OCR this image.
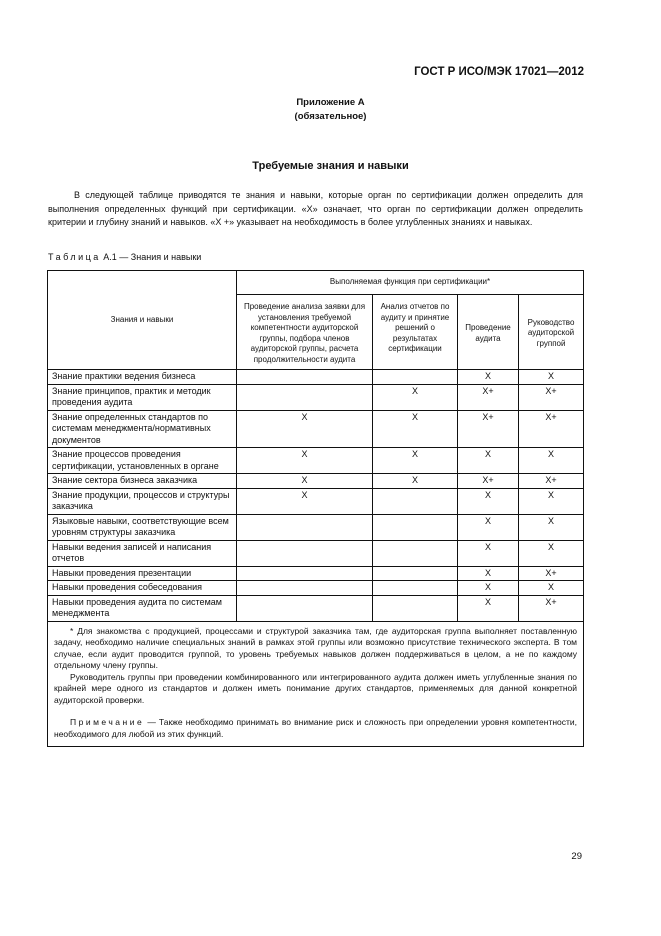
ГОСТ Р ИСО/МЭК 17021—2012
Приложение А
(обязательное)
Требуемые знания и навыки

В следующей таблице приводятся те знания и навыки, которые орган по сертификации должен определить для выполнения определенных функций при сертификации. «X» означает, что орган по сертификации должен определить критерии и глубину знаний и навыков. «X +» указывает на необходимость в более углубленных знаниях и навыках.

Таблица А.1 — Знания и навыки
Знания и навыки	Выполняемая функция при сертификации*			
	Проведение анализа заявки для установления требуемой компетентности аудиторской группы, подбора членов аудиторской группы, расчета продолжительности аудита	Анализ отчетов по аудиту и принятие решений о результатах сертификации	Проведение аудита	Руководство аудиторской группой
Знание практики ведения бизнеса			X	X
Знание принципов, практик и методик проведения аудита		X	X+	X+
Знание определенных стандартов по системам менеджмента/нормативных документов	X	X	X+	X+
Знание процессов проведения сертификации, установленных в органе	X	X	X	X
Знание сектора бизнеса заказчика	X	X	X+	X+
Знание продукции, процессов и структуры заказчика	X		X	X
Языковые навыки, соответствующие всем уровням структуры заказчика			X	X
Навыки ведения записей и написания отчетов			X	X
Навыки проведения презентации			X	X+
Навыки проведения собеседования			X	X
Навыки проведения аудита по системам менеджмента			X	X+

* Для знакомства с продукцией, процессами и структурой заказчика там, где аудиторская группа выполняет поставленную задачу, необходимо наличие специальных знаний в рамках этой группы или возможно присутствие технического эксперта. В том случае, если аудит проводится группой, то уровень требуемых навыков должен поддерживаться в целом, а не по каждому отдельному члену группы.

Руководитель группы при проведении комбинированного или интегрированного аудита должен иметь углубленные знания по крайней мере одного из стандартов и должен иметь понимание других стандартов, применяемых для данной конкретной аудиторской проверки.

Примечание — Также необходимо принимать во внимание риск и сложность при определении уровня компетентности, необходимого для любой из этих функций.				

29
